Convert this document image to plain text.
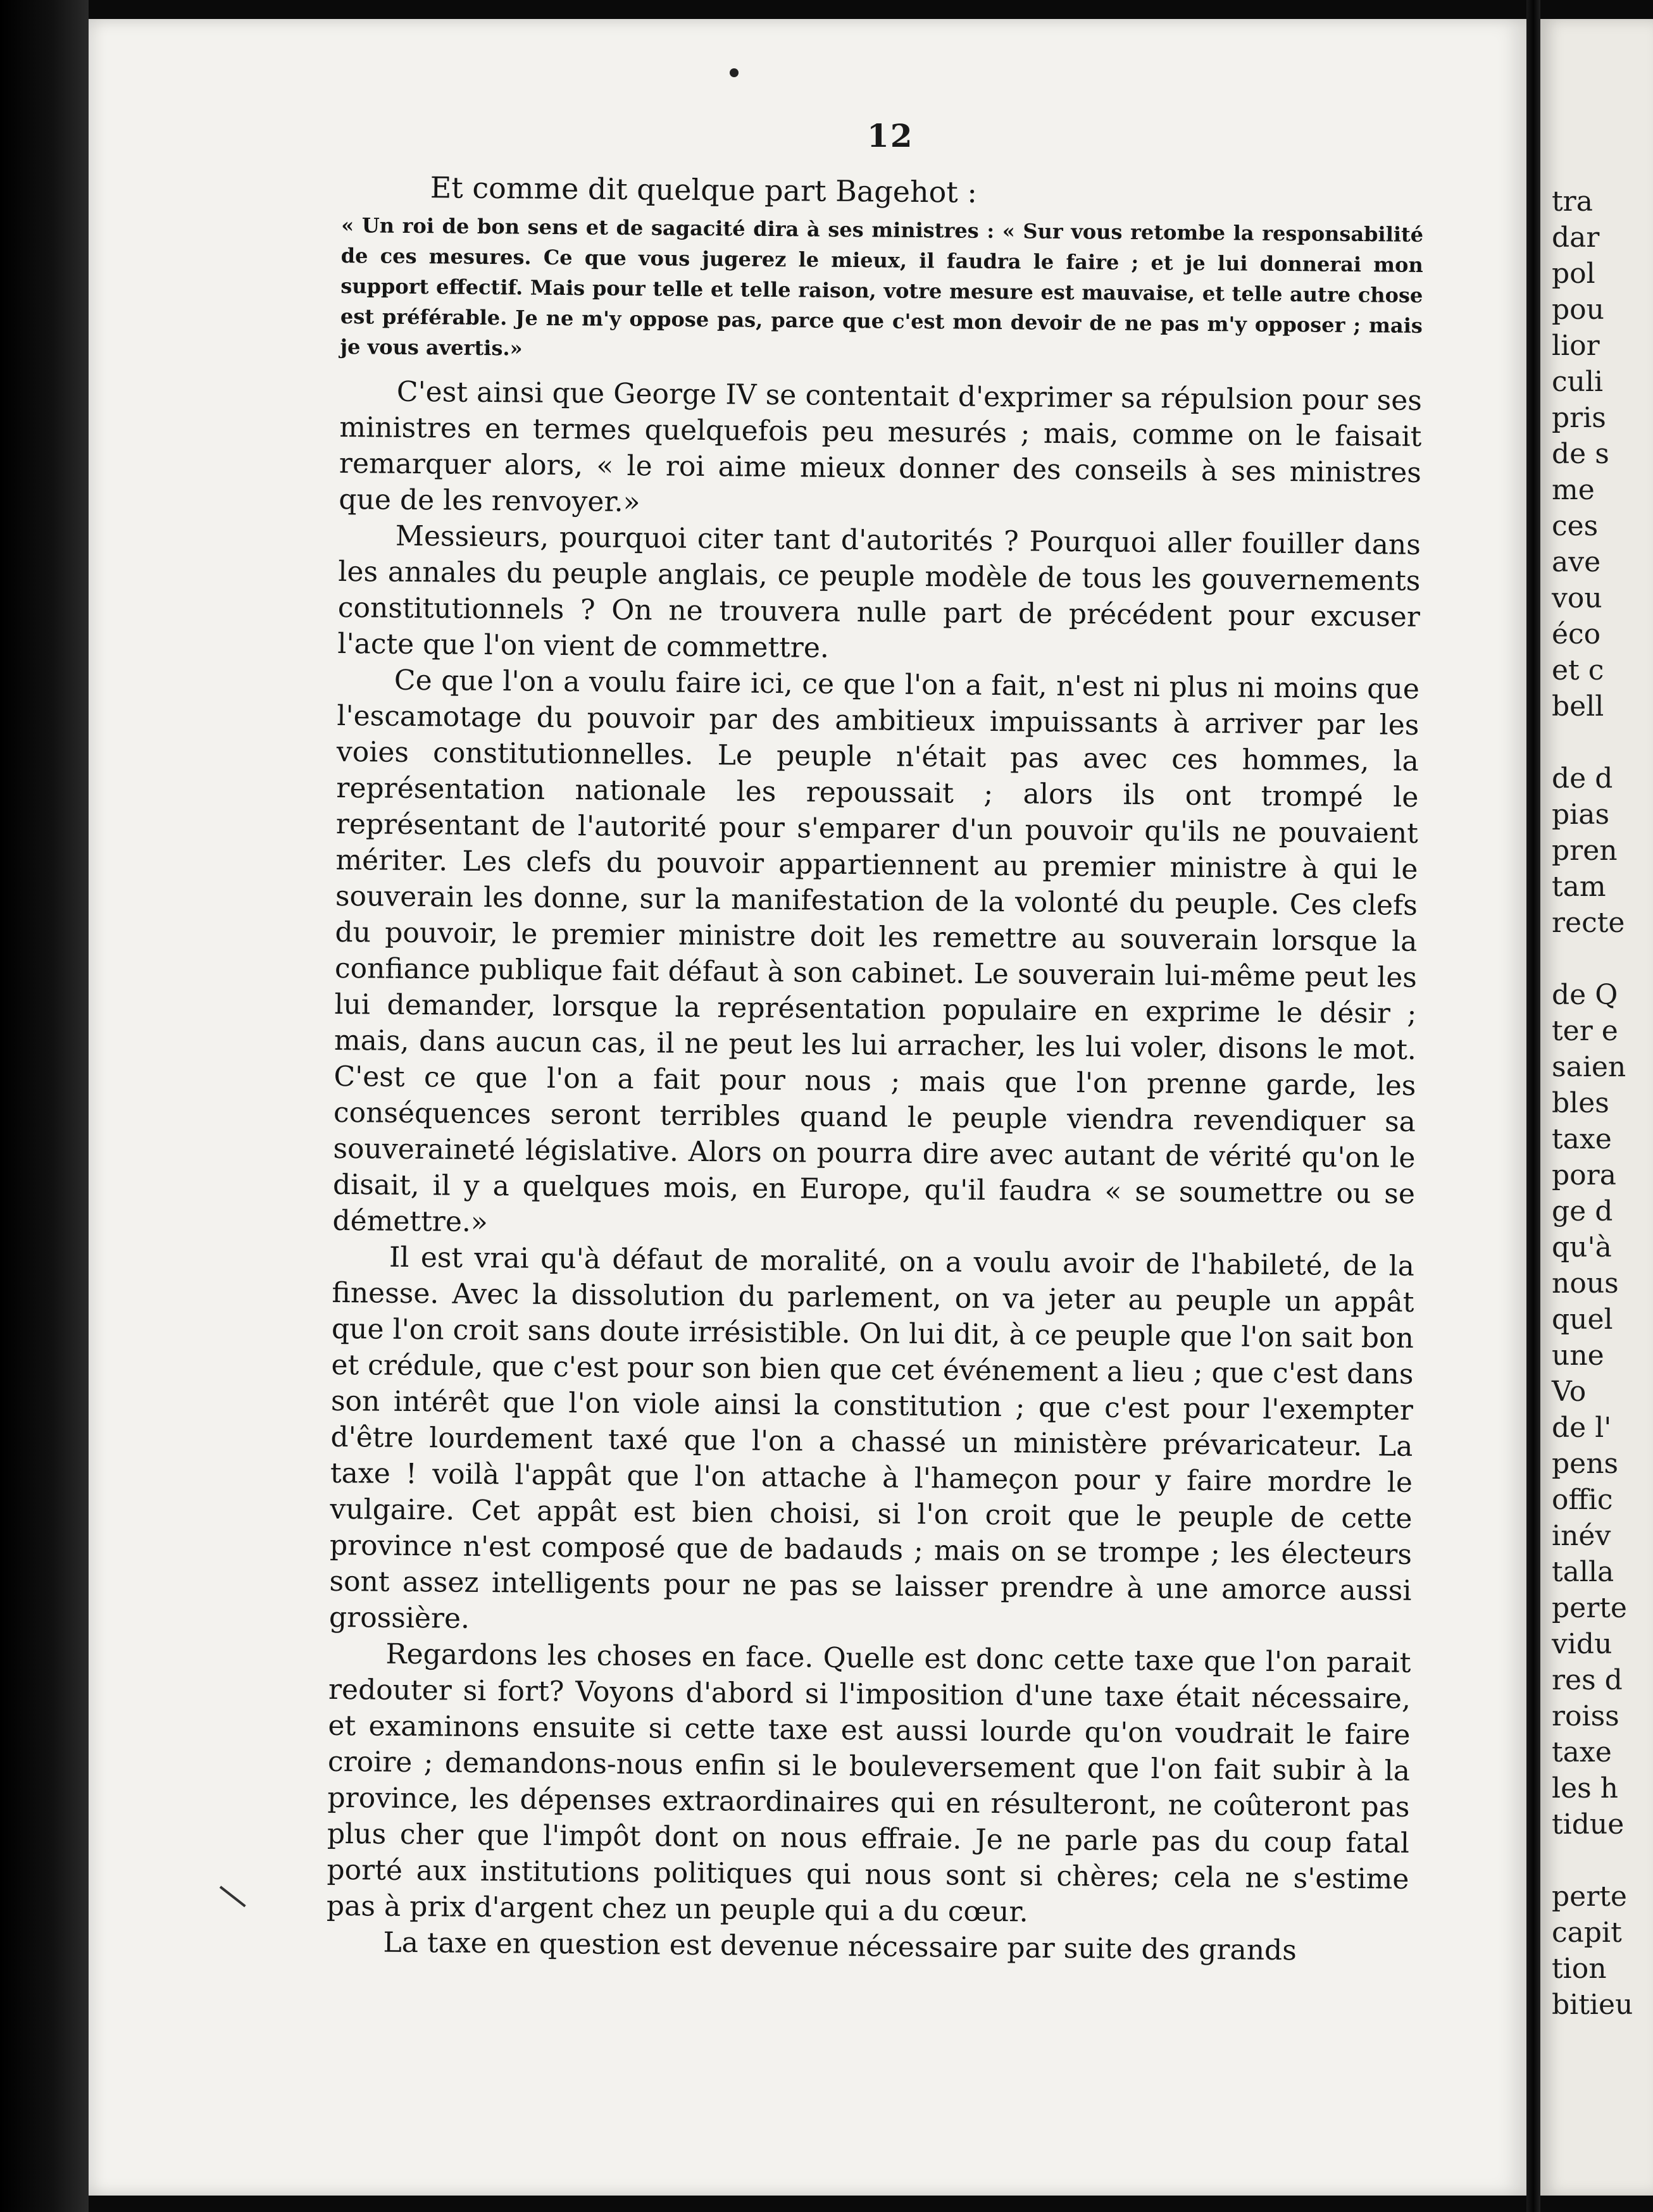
12

Et comme dit quelque part Bagehot :

« Un roi de bon sens et de sagacité dira à ses ministres : « Sur vous retombe la responsabilité de ces mesures. Ce que vous jugerez le mieux, il faudra le faire ; et je lui donnerai mon support effectif. Mais pour telle et telle raison, votre mesure est mauvaise, et telle autre chose est préférable. Je ne m'y oppose pas, parce que c'est mon devoir de ne pas m'y opposer ; mais je vous avertis.»

C'est ainsi que George IV se contentait d'exprimer sa répulsion pour ses ministres en termes quelquefois peu mesurés ; mais, comme on le faisait remarquer alors, « le roi aime mieux donner des conseils à ses ministres que de les renvoyer.»

Messieurs, pourquoi citer tant d'autorités ? Pourquoi aller fouiller dans les annales du peuple anglais, ce peuple modèle de tous les gouvernements constitutionnels ? On ne trouvera nulle part de précédent pour excuser l'acte que l'on vient de commettre.

Ce que l'on a voulu faire ici, ce que l'on a fait, n'est ni plus ni moins que l'escamotage du pouvoir par des ambitieux impuissants à arriver par les voies constitutionnelles. Le peuple n'était pas avec ces hommes, la représentation nationale les repoussait ; alors ils ont trompé le représentant de l'autorité pour s'emparer d'un pouvoir qu'ils ne pouvaient mériter. Les clefs du pouvoir appartiennent au premier ministre à qui le souverain les donne, sur la manifestation de la volonté du peuple. Ces clefs du pouvoir, le premier ministre doit les remettre au souverain lorsque la confiance publique fait défaut à son cabinet. Le souverain lui-même peut les lui demander, lorsque la représentation populaire en exprime le désir ; mais, dans aucun cas, il ne peut les lui arracher, les lui voler, disons le mot. C'est ce que l'on a fait pour nous ; mais que l'on prenne garde, les conséquences seront terribles quand le peuple viendra revendiquer sa souveraineté législative. Alors on pourra dire avec autant de vérité qu'on le disait, il y a quelques mois, en Europe, qu'il faudra « se soumettre ou se démettre.»

Il est vrai qu'à défaut de moralité, on a voulu avoir de l'habileté, de la finesse. Avec la dissolution du parlement, on va jeter au peuple un appât que l'on croit sans doute irrésistible. On lui dit, à ce peuple que l'on sait bon et crédule, que c'est pour son bien que cet événement a lieu ; que c'est dans son intérêt que l'on viole ainsi la constitution ; que c'est pour l'exempter d'être lourdement taxé que l'on a chassé un ministère prévaricateur. La taxe ! voilà l'appât que l'on attache à l'hameçon pour y faire mordre le vulgaire. Cet appât est bien choisi, si l'on croit que le peuple de cette province n'est composé que de badauds ; mais on se trompe ; les électeurs sont assez intelligents pour ne pas se laisser prendre à une amorce aussi grossière.

Regardons les choses en face. Quelle est donc cette taxe que l'on parait redouter si fort? Voyons d'abord si l'imposition d'une taxe était nécessaire, et examinons ensuite si cette taxe est aussi lourde qu'on voudrait le faire croire ; demandons-nous enfin si le bouleversement que l'on fait subir à la province, les dépenses extraordinaires qui en résulteront, ne coûteront pas plus cher que l'impôt dont on nous effraie. Je ne parle pas du coup fatal porté aux institutions politiques qui nous sont si chères; cela ne s'estime pas à prix d'argent chez un peuple qui a du cœur.

La taxe en question est devenue nécessaire par suite des grands

tra
dar
pol
pou
lior
culi
pris
de s
me
ces
ave
vou
éco
et c
bell
de d
pias
pren
tam
recte
de Q
ter e
saien
bles
taxe
pora
ge d
qu'à
nous
quel
une
Vo
de l'
pens
offic
inév
talla
perte
vidu
res d
roiss
taxe
les h
tidue
perte
capit
tion
bitieu
